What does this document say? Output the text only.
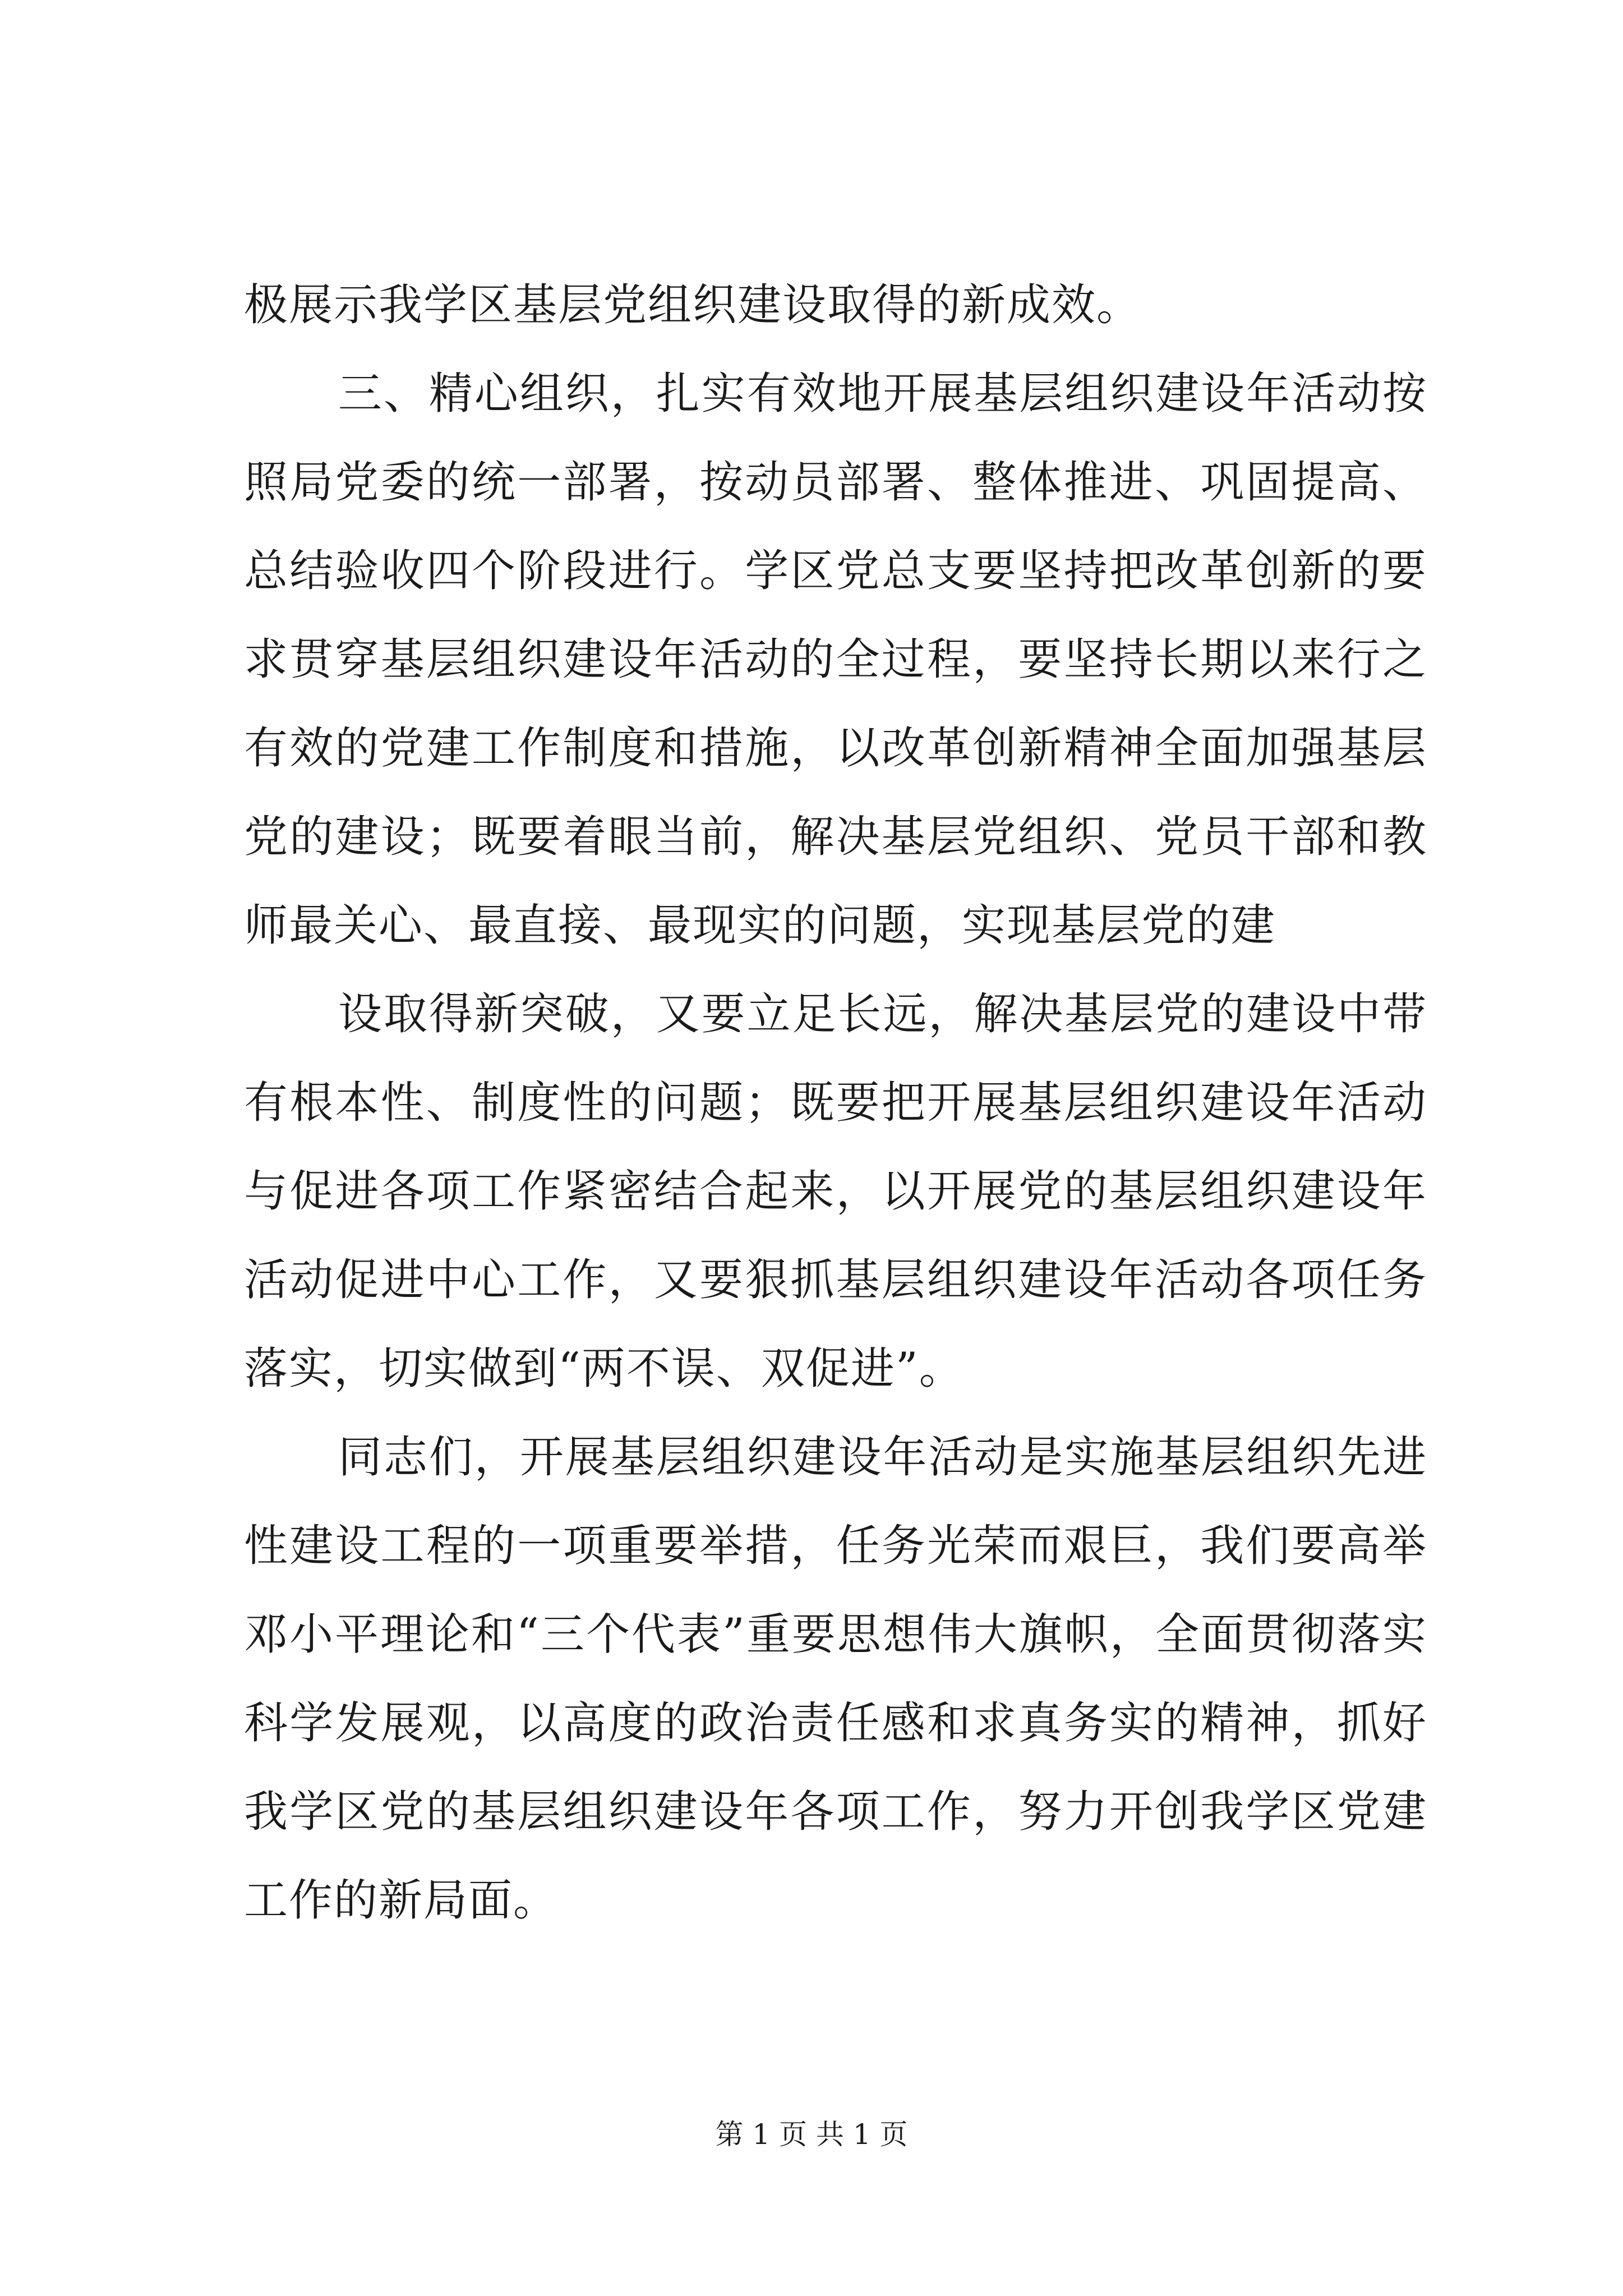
极展示我学区基层党组织建设取得的新成效。

三、精心组织，扎实有效地开展基层组织建设年活动按照局党委的统一部署，按动员部署、整体推进、巩固提高、总结验收四个阶段进行。学区党总支要坚持把改革创新的要求贯穿基层组织建设年活动的全过程，要坚持长期以来行之有效的党建工作制度和措施，以改革创新精神全面加强基层党的建设；既要着眼当前，解决基层党组织、党员干部和教师最关心、最直接、最现实的问题，实现基层党的建

设取得新突破，又要立足长远，解决基层党的建设中带有根本性、制度性的问题；既要把开展基层组织建设年活动与促进各项工作紧密结合起来，以开展党的基层组织建设年活动促进中心工作，又要狠抓基层组织建设年活动各项任务落实，切实做到“两不误、双促进”。

同志们，开展基层组织建设年活动是实施基层组织先进性建设工程的一项重要举措，任务光荣而艰巨，我们要高举邓小平理论和“三个代表”重要思想伟大旗帜，全面贯彻落实科学发展观，以高度的政治责任感和求真务实的精神，抓好我学区党的基层组织建设年各项工作，努力开创我学区党建工作的新局面。

第 1 页 共 1 页
